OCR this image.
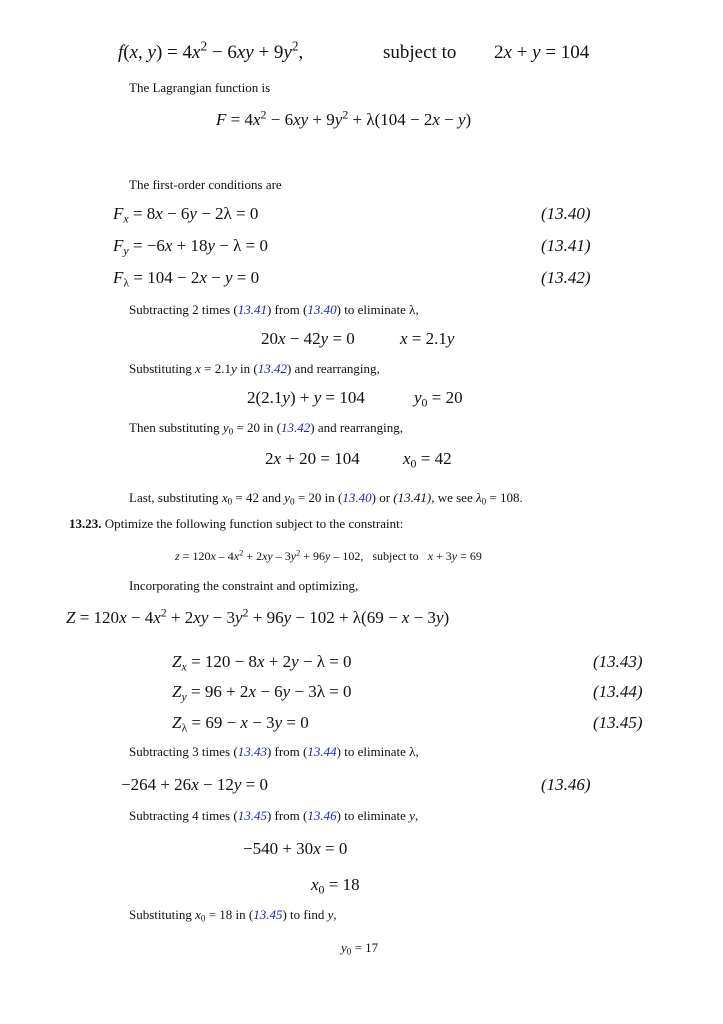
f(x, $y) = 4x^2 - 6xy + 9y^2$,	subject to 2x + y = 104
The Lagrangian function is
$F = 4x^2 - 6xy + 9y^2 + \lambda(104 - 2x - y)$
The first-order conditions are
$F_x = 8x - 6y - 2\lambda = 0$	(13.40)
$F_y = -6x + 18y - \lambda = 0$	(13.41)
$F_\lambda = 104 - 2x - y = 0$	(13.42)
Subtracting 2 times (13.41) from (13.40) to eliminate λ,
20x − 42y = 0	x = 2.1y
Substituting x = 2.1y in (13.42) and rearranging,
2(2.1y) + y = 104	$y_0 = 20$
Then substituting $y_0 = 20$ in (13.42) and rearranging,
2x + 20 = 104	$x_0 = 42$
Last, substituting $x_0 = 42$ and $y_0 = 20$ in (13.40) or (13.41), we see $\lambda_0 = 108$.
13.23. Optimize the following function subject to the constraint:
$z = 120x - 4x^2 + 2xy - 3y^2 + 96y - 102$,   subject to x + 3y = 69
Incorporating the constraint and optimizing,
$Z = 120x - 4x^2 + 2xy - 3y^2 + 96y - 102 + \lambda(69 - x - 3y)$
$Z_x = 120 - 8x + 2y - \lambda = 0$	(13.43)
$Z_y = 96 + 2x - 6y - 3\lambda = 0$	(13.44)
$Z_\lambda = 69 - x - 3y = 0$	(13.45)
Subtracting 3 times (13.43) from (13.44) to eliminate λ,
−264 + 26x − 12y = 0	(13.46)
Subtracting 4 times (13.45) from (13.46) to eliminate y,
−540 + 30x = 0
$x_0 = 18$
Substituting $x_0 = 18$ in (13.45) to find y,
$y_0 = 17$
